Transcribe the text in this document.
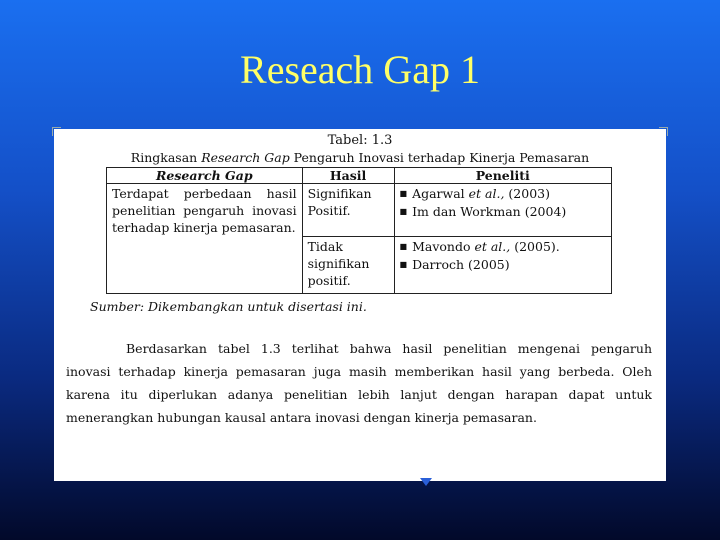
Reseach Gap 1
Tabel: 1.3
Ringkasan Research Gap Pengaruh Inovasi terhadap Kinerja Pemasaran
Research Gap	Hasil	Peneliti
Terdapat perbedaan hasil penelitian pengaruh inovasi terhadap kinerja pemasaran.	Signifikan Positif.	■ Agarwal et al., (2003)
■ Im dan Workman (2004)

	Tidak signifikan positif.	■ Mavondo et al., (2005).
■ Darroch (2005)
Sumber: Dikembangkan untuk disertasi ini.
Berdasarkan tabel 1.3 terlihat bahwa hasil penelitian mengenai pengaruh
inovasi terhadap kinerja pemasaran juga masih memberikan hasil yang berbeda. Oleh
karena itu diperlukan adanya penelitian lebih lanjut dengan harapan dapat untuk
menerangkan hubungan kausal antara inovasi dengan kinerja pemasaran.
